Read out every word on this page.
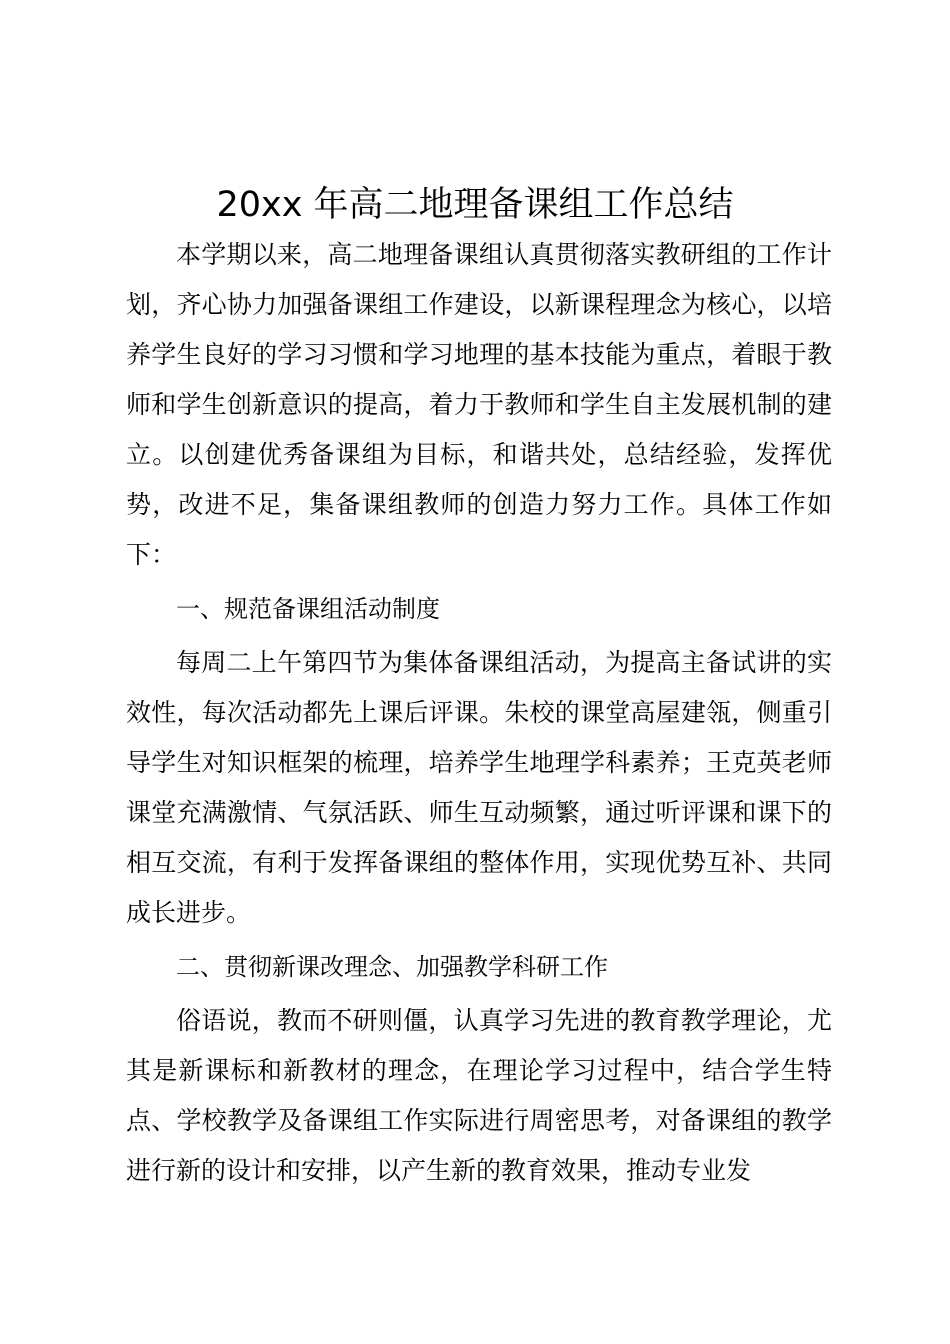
20xx 年高二地理备课组工作总结

本学期以来，高二地理备课组认真贯彻落实教研组的工作计划，齐心协力加强备课组工作建设，以新课程理念为核心，以培养学生良好的学习习惯和学习地理的基本技能为重点，着眼于教师和学生创新意识的提高，着力于教师和学生自主发展机制的建立。以创建优秀备课组为目标，和谐共处，总结经验，发挥优势，改进不足，集备课组教师的创造力努力工作。具体工作如下：

一、规范备课组活动制度

每周二上午第四节为集体备课组活动，为提高主备试讲的实效性，每次活动都先上课后评课。朱校的课堂高屋建瓴，侧重引导学生对知识框架的梳理，培养学生地理学科素养；王克英老师课堂充满激情、气氛活跃、师生互动频繁，通过听评课和课下的相互交流，有利于发挥备课组的整体作用，实现优势互补、共同成长进步。

二、贯彻新课改理念、加强教学科研工作

俗语说，教而不研则僵，认真学习先进的教育教学理论，尤其是新课标和新教材的理念，在理论学习过程中，结合学生特点、学校教学及备课组工作实际进行周密思考，对备课组的教学进行新的设计和安排，以产生新的教育效果，推动专业发
